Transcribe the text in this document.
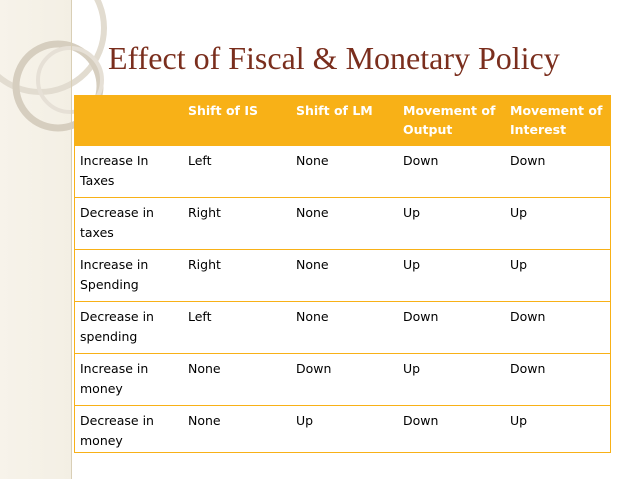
Effect of Fiscal & Monetary Policy
	Shift of IS	Shift of LM	Movement of Output	Movement of Interest
Increase In Taxes	Left	None	Down	Down
Decrease in taxes	Right	None	Up	Up
Increase in Spending	Right	None	Up	Up
Decrease in spending	Left	None	Down	Down
Increase in money	None	Down	Up	Down
Decrease in money	None	Up	Down	Up
